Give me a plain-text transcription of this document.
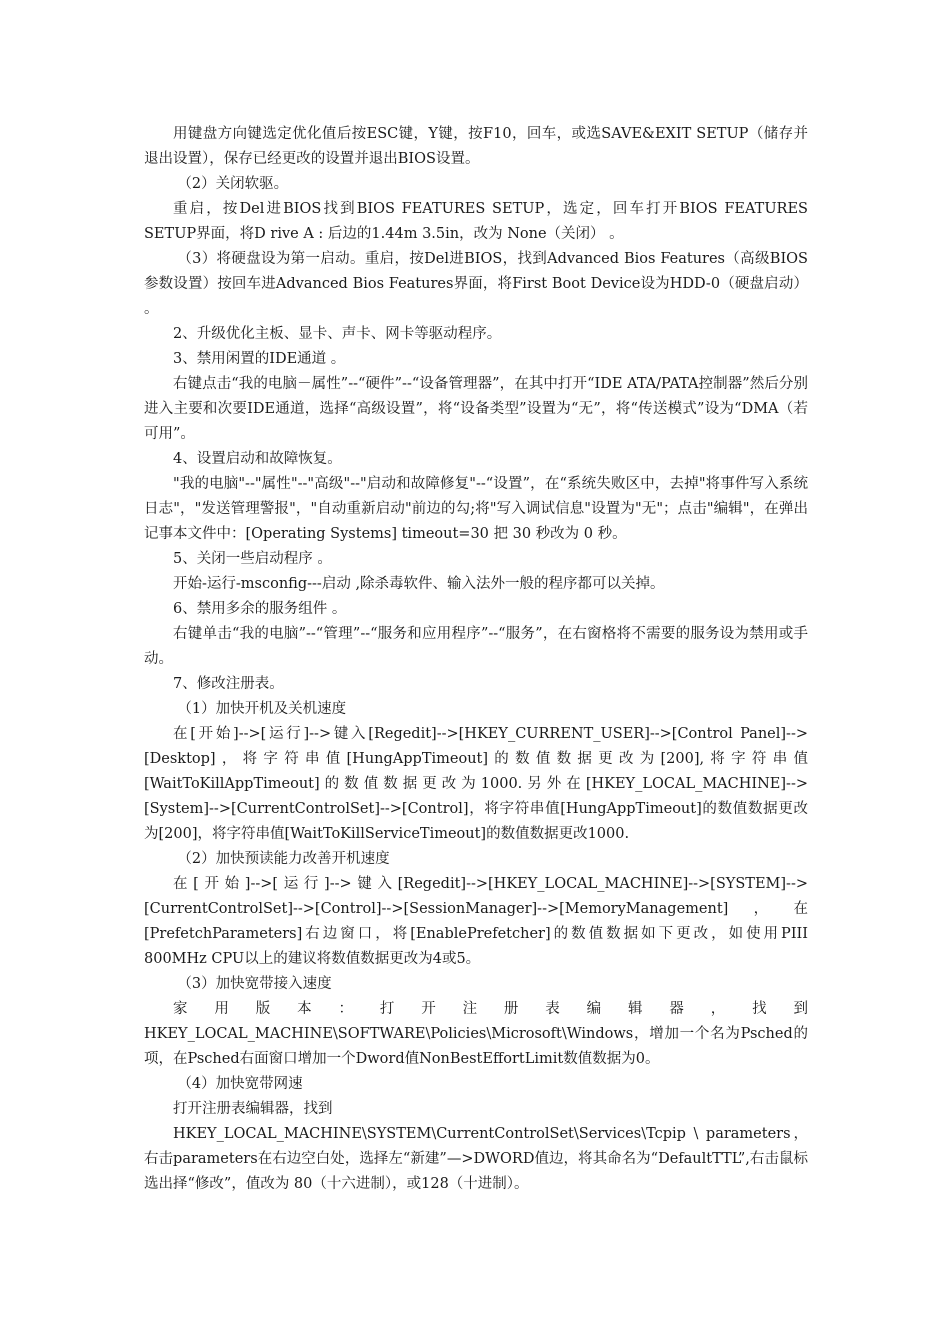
用键盘方向键选定优化值后按ESC键，Y键，按F10，回车，或选SAVE&EXIT SETUP（储存并退出设置），保存已经更改的设置并退出BIOS设置。

（2）关闭软驱。

重启，按Del进BIOS找到BIOS FEATURES SETUP，选定，回车打开BIOS FEATURES SETUP界面，将D rive A : 后边的1.44m 3.5in，改为 None（关闭） 。

（3）将硬盘设为第一启动。重启，按Del进BIOS，找到Advanced Bios Features（高级BIOS参数设置）按回车进Advanced Bios Features界面，将First Boot Device设为HDD-0（硬盘启动） 。

2、升级优化主板、显卡、声卡、网卡等驱动程序。

3、禁用闲置的IDE通道 。

右键点击“我的电脑－属性”--“硬件”--“设备管理器”，在其中打开“IDE ATA/PATA控制器”然后分别进入主要和次要IDE通道，选择“高级设置”，将“设备类型”设置为“无”，将“传送模式”设为“DMA（若可用”。

4、设置启动和故障恢复。

"我的电脑"--"属性"--"高级"--"启动和故障修复"--“设置”，在“系统失败区中，去掉"将事件写入系统日志"，"发送管理警报"，"自动重新启动"前边的勾;将"写入调试信息"设置为"无"；点击"编辑"，在弹出记事本文件中：[Operating Systems] timeout=30 把 30 秒改为 0 秒。

5、关闭一些启动程序 。

开始-运行-msconfig---启动 ,除杀毒软件、输入法外一般的程序都可以关掉。

6、禁用多余的服务组件 。

右键单击“我的电脑”--“管理”--“服务和应用程序”--“服务”，在右窗格将不需要的服务设为禁用或手动。

7、修改注册表。

（1）加快开机及关机速度

在[开始]-->[运行]-->键入[Regedit]-->[HKEY_CURRENT_USER]-->[Control Panel]-->[Desktop]，将字符串值[HungAppTimeout]的数值数据更改为[200],将字符串值[WaitToKillAppTimeout]的数值数据更改为1000.另外在[HKEY_LOCAL_MACHINE]-->[System]-->[CurrentControlSet]-->[Control]，将字符串值[HungAppTimeout]的数值数据更改为[200]，将字符串值[WaitToKillServiceTimeout]的数值数据更改1000.

（2）加快预读能力改善开机速度

在[开始]-->[运行]-->键入[Regedit]-->[HKEY_LOCAL_MACHINE]-->[SYSTEM]-->[CurrentControlSet]-->[Control]-->[SessionManager]-->[MemoryManagement]，在[PrefetchParameters]右边窗口，将[EnablePrefetcher]的数值数据如下更改，如使用PIII 800MHz CPU以上的建议将数值数据更改为4或5。

（3）加快宽带接入速度

家用版本：打开注册表编辑器，找到HKEY_LOCAL_MACHINE\SOFTWARE\Policies\Microsoft\Windows，增加一个名为Psched的项，在Psched右面窗口增加一个Dword值NonBestEffortLimit数值数据为0。

（4）加快宽带网速

打开注册表编辑器，找到

HKEY_LOCAL_MACHINE\SYSTEM\CurrentControlSet\Services\Tcpip \ parameters，右击parameters在右边空白处，选择左“新建”—>DWORD值边，将其命名为“DefaultTTL”,右击鼠标选出择“修改”，值改为 80（十六进制），或128（十进制）。
